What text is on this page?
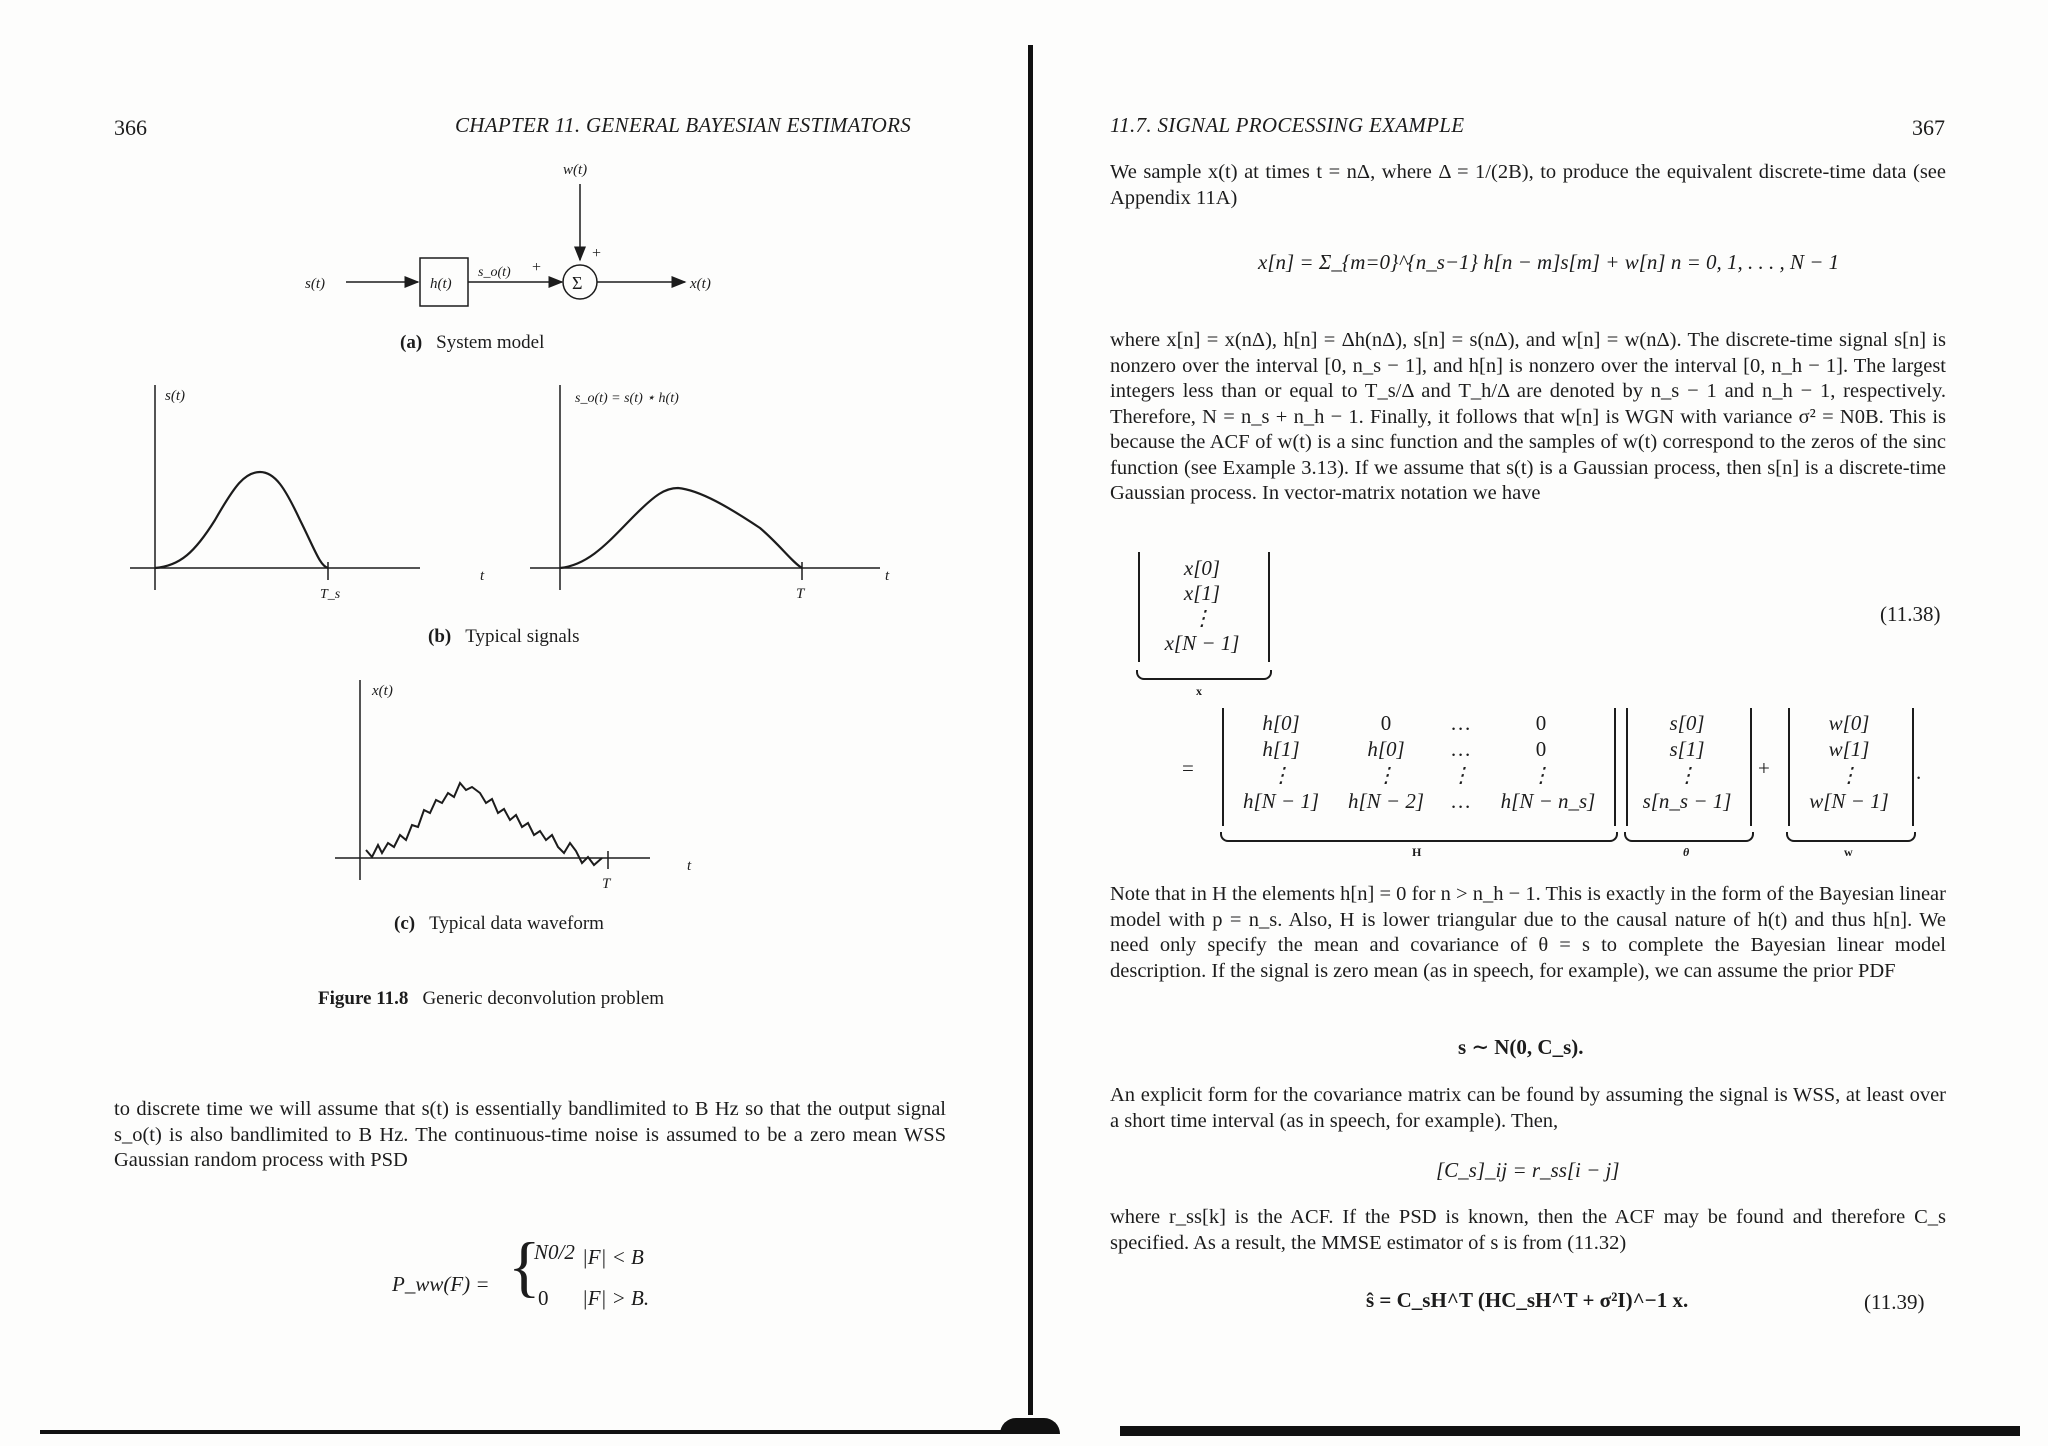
366	CHAPTER 11. GENERAL BAYESIAN ESTIMATORS
w(t)
s(t)	h(t)
s_o(t) +
+
Σ	x(t)
(a) System model
s(t)
t
T_s
s_o(t) = s(t) ⋆ h(t)
t
T
(b) Typical signals
x(t)
t
T
(c) Typical data waveform
Figure 11.8 Generic deconvolution problem
to discrete time we will assume that s(t) is essentially bandlimited to B Hz so that the output signal s_o(t) is also bandlimited to B Hz. The continuous-time noise is assumed to be a zero mean WSS Gaussian random process with PSD
P_ww(F) = {
N0/2 |F| < B
0 |F| > B.
11.7. SIGNAL PROCESSING EXAMPLE	367
We sample x(t) at times t = nΔ, where Δ = 1/(2B), to produce the equivalent discrete-time data (see Appendix 11A)
x[n] = Σ_{m=0}^{n_s−1} h[n − m]s[m] + w[n] n = 0, 1, . . . , N − 1
where x[n] = x(nΔ), h[n] = Δh(nΔ), s[n] = s(nΔ), and w[n] = w(nΔ). The discrete-time signal s[n] is nonzero over the interval [0, n_s − 1], and h[n] is nonzero over the interval [0, n_h − 1]. The largest integers less than or equal to T_s/Δ and T_h/Δ are denoted by n_s − 1 and n_h − 1, respectively. Therefore, N = n_s + n_h − 1. Finally, it follows that w[n] is WGN with variance σ² = N0B. This is because the ACF of w(t) is a sinc function and the samples of w(t) correspond to the zeros of the sinc function (see Example 3.13). If we assume that s(t) is a Gaussian process, then s[n] is a discrete-time Gaussian process. In vector-matrix notation we have
x[0]
x[1]
⋮
x[N − 1]
x
(11.38)
=
h[0]	0	…	0
h[1]	h[0]	…	0
⋮	⋮	⋮	⋮
h[N − 1]	h[N − 2]	…	h[N − n_s]
H
s[0]
s[1]
⋮
s[n_s − 1]
θ
+
w[0]
w[1]
⋮
w[N − 1]
.
w
Note that in H the elements h[n] = 0 for n > n_h − 1. This is exactly in the form of the Bayesian linear model with p = n_s. Also, H is lower triangular due to the causal nature of h(t) and thus h[n]. We need only specify the mean and covariance of θ = s to complete the Bayesian linear model description. If the signal is zero mean (as in speech, for example), we can assume the prior PDF
s ∼ N(0, C_s).
An explicit form for the covariance matrix can be found by assuming the signal is WSS, at least over a short time interval (as in speech, for example). Then,
[C_s]_ij = r_ss[i − j]
where r_ss[k] is the ACF. If the PSD is known, then the ACF may be found and therefore C_s specified. As a result, the MMSE estimator of s is from (11.32)
ŝ = C_sH^T (HC_sH^T + σ²I)^−1 x.	(11.39)
